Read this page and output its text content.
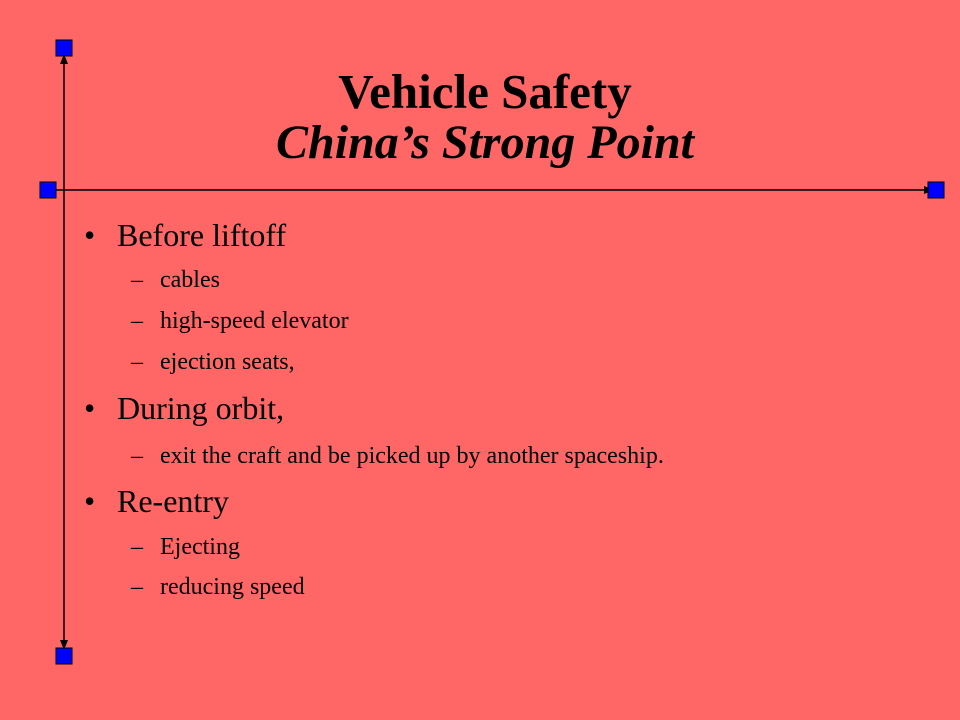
Vehicle Safety
China’s Strong Point
• Before liftoff
– cables
– high-speed elevator
– ejection seats,
• During orbit,
– exit the craft and be picked up by another spaceship.
• Re-entry
– Ejecting
– reducing speed
